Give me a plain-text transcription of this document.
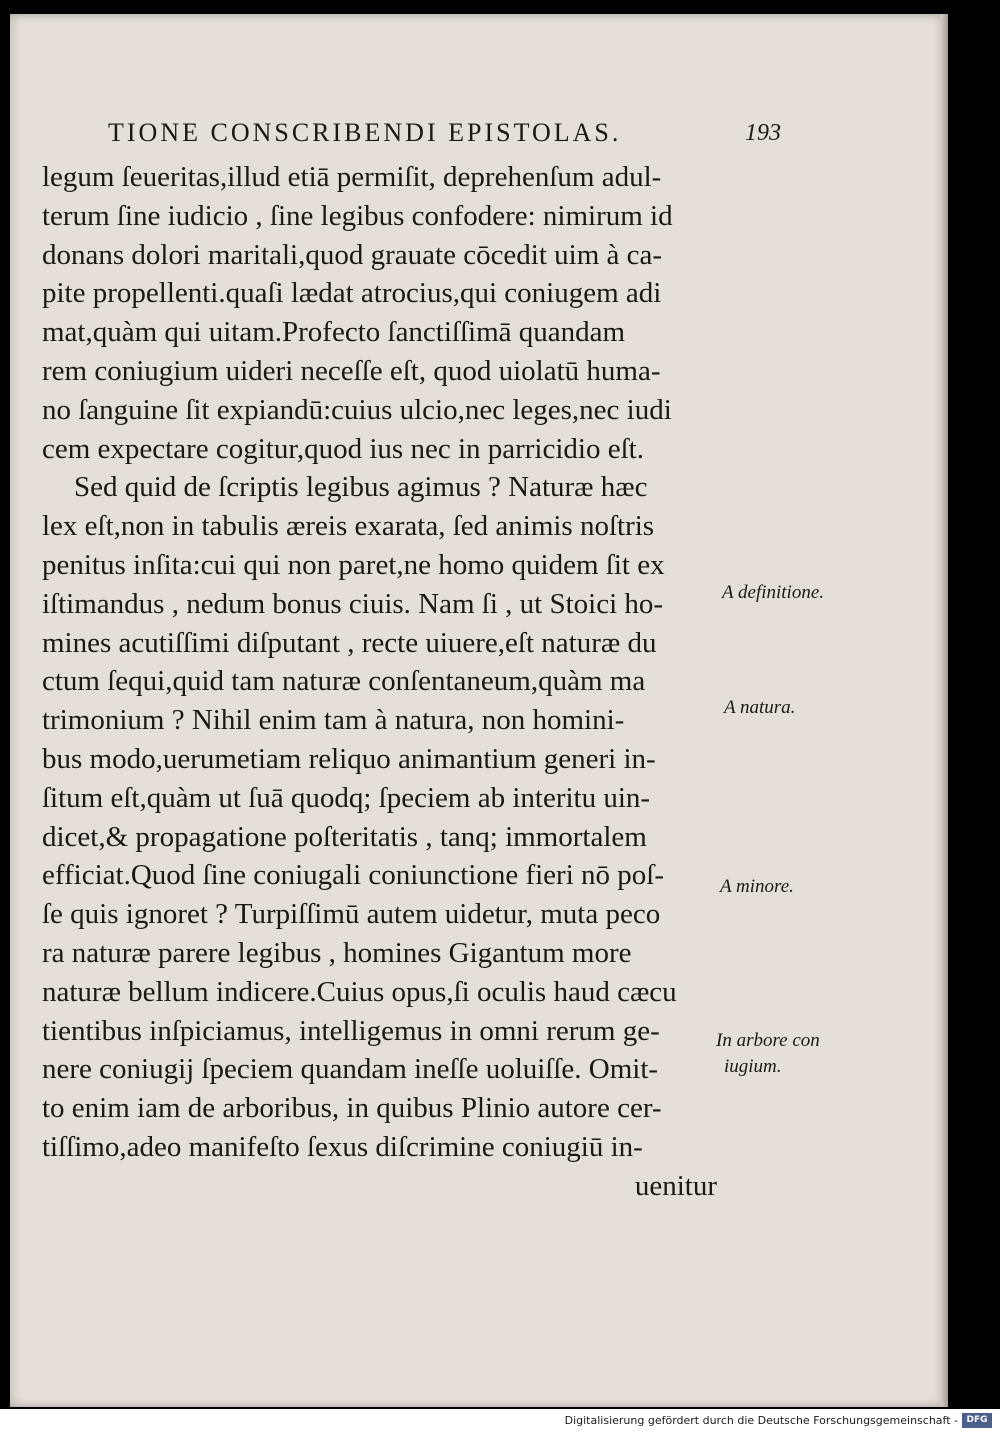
TIONE CONSCRIBENDI EPISTOLAS.	193
legum ſeueritas,illud etiā permiſit, deprehenſum adul-
terum ſine iudicio , ſine legibus confodere: nimirum id
donans dolori maritali,quod grauate cōcedit uim à ca-
pite propellenti.quaſi lædat atrocius,qui coniugem adi
mat,quàm qui uitam.Profecto ſanctiſſimā quandam
rem coniugium uideri neceſſe eſt, quod uiolatū huma-
no ſanguine ſit expiandū:cuius ulcio,nec leges,nec iudi
cem expectare cogitur,quod ius nec in parricidio eſt.
Sed quid de ſcriptis legibus agimus ? Naturæ hæc
lex eſt,non in tabulis æreis exarata, ſed animis noſtris
penitus inſita:cui qui non paret,ne homo quidem ſit ex
iſtimandus , nedum bonus ciuis. Nam ſi , ut Stoici ho-
mines acutiſſimi diſputant , recte uiuere,eſt naturæ du
ctum ſequi,quid tam naturæ conſentaneum,quàm ma
trimonium ? Nihil enim tam à natura, non homini-
bus modo,uerumetiam reliquo animantium generi in-
ſitum eſt,quàm ut ſuā quodq; ſpeciem ab interitu uin-
dicet,& propagatione poſteritatis , tanq; immortalem
efficiat.Quod ſine coniugali coniunctione fieri nō poſ-
ſe quis ignoret ? Turpiſſimū autem uidetur, muta peco
ra naturæ parere legibus , homines Gigantum more
naturæ bellum indicere.Cuius opus,ſi oculis haud cæcu
tientibus inſpiciamus, intelligemus in omni rerum ge-
nere coniugij ſpeciem quandam ineſſe uoluiſſe. Omit-
to enim iam de arboribus, in quibus Plinio autore cer-
tiſſimo,adeo manifeſto ſexus diſcrimine coniugiū in-
uenitur
A definitione.
A natura.
A minore.
In arbore con
iugium.
Digitalisierung gefördert durch die Deutsche Forschungsgemeinschaft - DFG
